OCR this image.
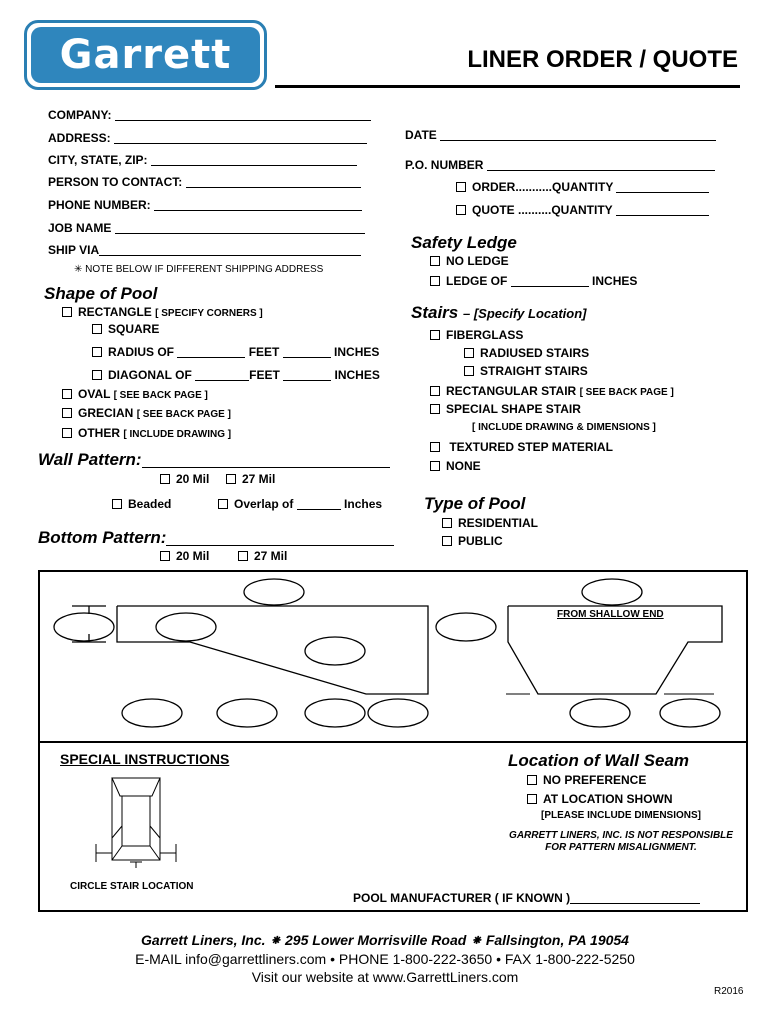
Garrett	LINER ORDER / QUOTE
COMPANY:
ADDRESS:
CITY, STATE, ZIP:
PERSON TO CONTACT:
PHONE NUMBER:
JOB NAME
SHIP VIA
✳ NOTE BELOW IF DIFFERENT SHIPPING ADDRESS
DATE
P.O. NUMBER
ORDER...........QUANTITY
QUOTE ..........QUANTITY
Shape of Pool
RECTANGLE [ SPECIFY CORNERS ]
SQUARE
RADIUS OF	FEET	INCHES
DIAGONAL OF	FEET	INCHES
OVAL [ SEE BACK PAGE ]
GRECIAN [ SEE BACK PAGE ]
OTHER [ INCLUDE DRAWING ]
Wall Pattern:
20 Mil	27 Mil
Beaded	Overlap of	Inches
Bottom Pattern:
20 Mil	27 Mil
Safety Ledge
NO LEDGE
LEDGE OF	INCHES
Stairs – [Specify Location]
FIBERGLASS
RADIUSED STAIRS
STRAIGHT STAIRS
RECTANGULAR STAIR [ SEE BACK PAGE ]
SPECIAL SHAPE STAIR
[ INCLUDE DRAWING & DIMENSIONS ]
TEXTURED STEP MATERIAL
NONE
Type of Pool
RESIDENTIAL
PUBLIC
FROM SHALLOW END
SPECIAL INSTRUCTIONS
CIRCLE STAIR LOCATION
Location of Wall Seam
NO PREFERENCE
AT LOCATION SHOWN
[PLEASE INCLUDE DIMENSIONS]
GARRETT LINERS, INC. IS NOT RESPONSIBLE
FOR PATTERN MISALIGNMENT.
POOL MANUFACTURER ( IF KNOWN )
Garrett Liners, Inc. ⁕ 295 Lower Morrisville Road ⁕ Fallsington, PA 19054
E-MAIL info@garrettliners.com • PHONE 1-800-222-3650 • FAX 1-800-222-5250
Visit our website at www.GarrettLiners.com
R2016
